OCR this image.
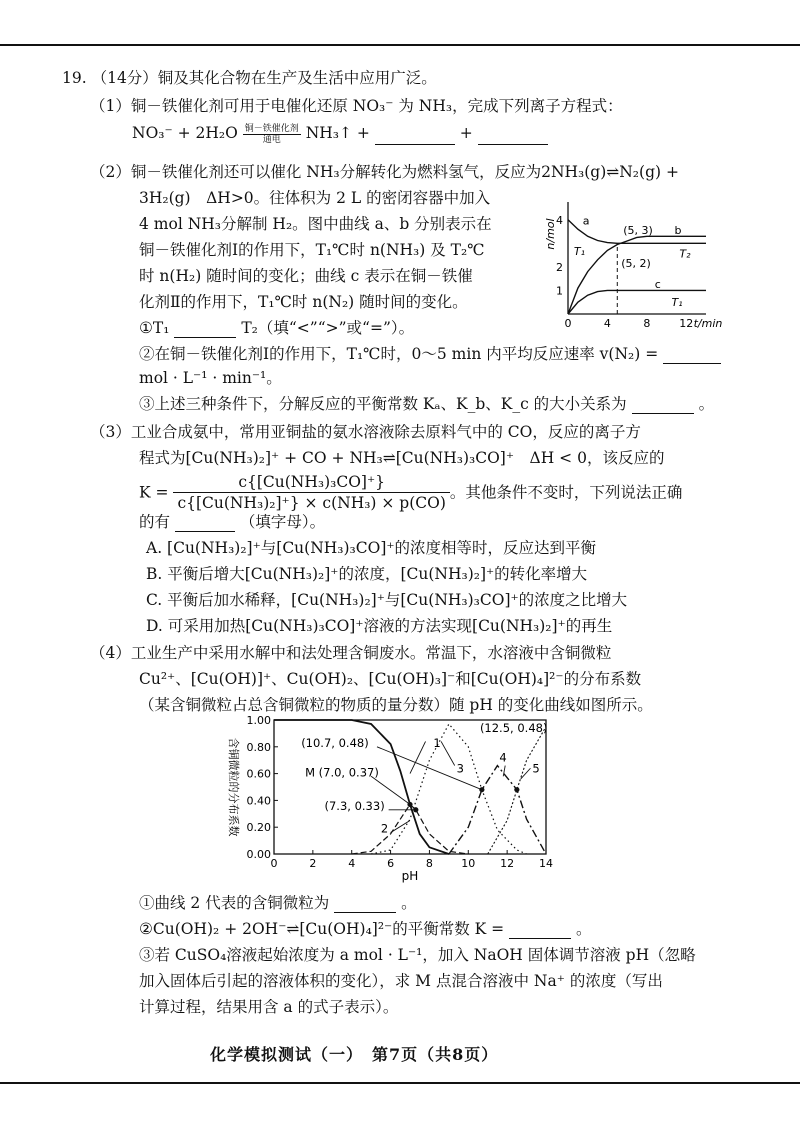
19. （14分）铜及其化合物在生产及生活中应用广泛。
（1）铜－铁催化剂可用于电催化还原 NO₃⁻ 为 NH₃，完成下列离子方程式：
NO₃⁻ + 2H₂O 铜－铁催化剂
通电	NH₃↑ +	+
（2）铜－铁催化剂还可以催化 NH₃分解转化为燃料氢气，反应为2NH₃(g)⇌N₂(g) +
3H₂(g)　ΔH>0。往体积为 2 L 的密闭容器中加入
4 mol NH₃分解制 H₂。图中曲线 a、b 分别表示在
铜－铁催化剂Ⅰ的作用下，T₁℃时 n(NH₃) 及 T₂℃
时 n(H₂) 随时间的变化；曲线 c 表示在铜－铁催
化剂Ⅱ的作用下，T₁℃时 n(N₂) 随时间的变化。
0	4	8	12 t/min
4
2
1
n/mol a
T₁
b
T₂
c
T₁
(5, 3)
(5, 2)
①T₁	T₂（填“<”“>”或“=”）。
②在铜－铁催化剂Ⅰ的作用下，T₁℃时，0～5 min 内平均反应速率 v(N₂) =
mol · L⁻¹ · min⁻¹。
③上述三种条件下，分解反应的平衡常数 Kₐ、K_b、K_c 的大小关系为	。
（3）工业合成氨中，常用亚铜盐的氨水溶液除去原料气中的 CO，反应的离子方
程式为[Cu(NH₃)₂]⁺ + CO + NH₃⇌[Cu(NH₃)₃CO]⁺　ΔH < 0，该反应的
$K = \frac{\text{c\{[Cu(NH₃)₃CO]⁺\}}}{\text{c\{[Cu(NH₃)₂]⁺\} × c(NH₃) × p(CO)}}$ 。其他条件不变时，下列说法正确
的有	（填字母）。
A. [Cu(NH₃)₂]⁺与[Cu(NH₃)₃CO]⁺的浓度相等时，反应达到平衡
B. 平衡后增大[Cu(NH₃)₂]⁺的浓度，[Cu(NH₃)₂]⁺的转化率增大
C. 平衡后加水稀释，[Cu(NH₃)₂]⁺与[Cu(NH₃)₃CO]⁺的浓度之比增大
D. 可采用加热[Cu(NH₃)₃CO]⁺溶液的方法实现[Cu(NH₃)₂]⁺的再生
（4）工业生产中采用水解中和法处理含铜废水。常温下，水溶液中含铜微粒
Cu²⁺、[Cu(OH)]⁺、Cu(OH)₂、[Cu(OH)₃]⁻和[Cu(OH)₄]²⁻的分布系数
（某含铜微粒占总含铜微粒的物质的量分数）随 pH 的变化曲线如图所示。
0	2	4	6	8	10 12 14
pH
0.00
0.20
0.40
0.60
0.80
1.00
含铜微粒的分布系数	(10.7, 0.48)
M (7.0, 0.37)
(7.3, 0.33)
(12.5, 0.48)
1
2
3
4
5
①曲线 2 代表的含铜微粒为	。
②Cu(OH)₂ + 2OH⁻⇌[Cu(OH)₄]²⁻的平衡常数 K =	。
③若 CuSO₄溶液起始浓度为 a mol · L⁻¹，加入 NaOH 固体调节溶液 pH（忽略
加入固体后引起的溶液体积的变化），求 M 点混合溶液中 Na⁺ 的浓度（写出
计算过程，结果用含 a 的式子表示）。
化学模拟测试（一）　第7页（共8页）
